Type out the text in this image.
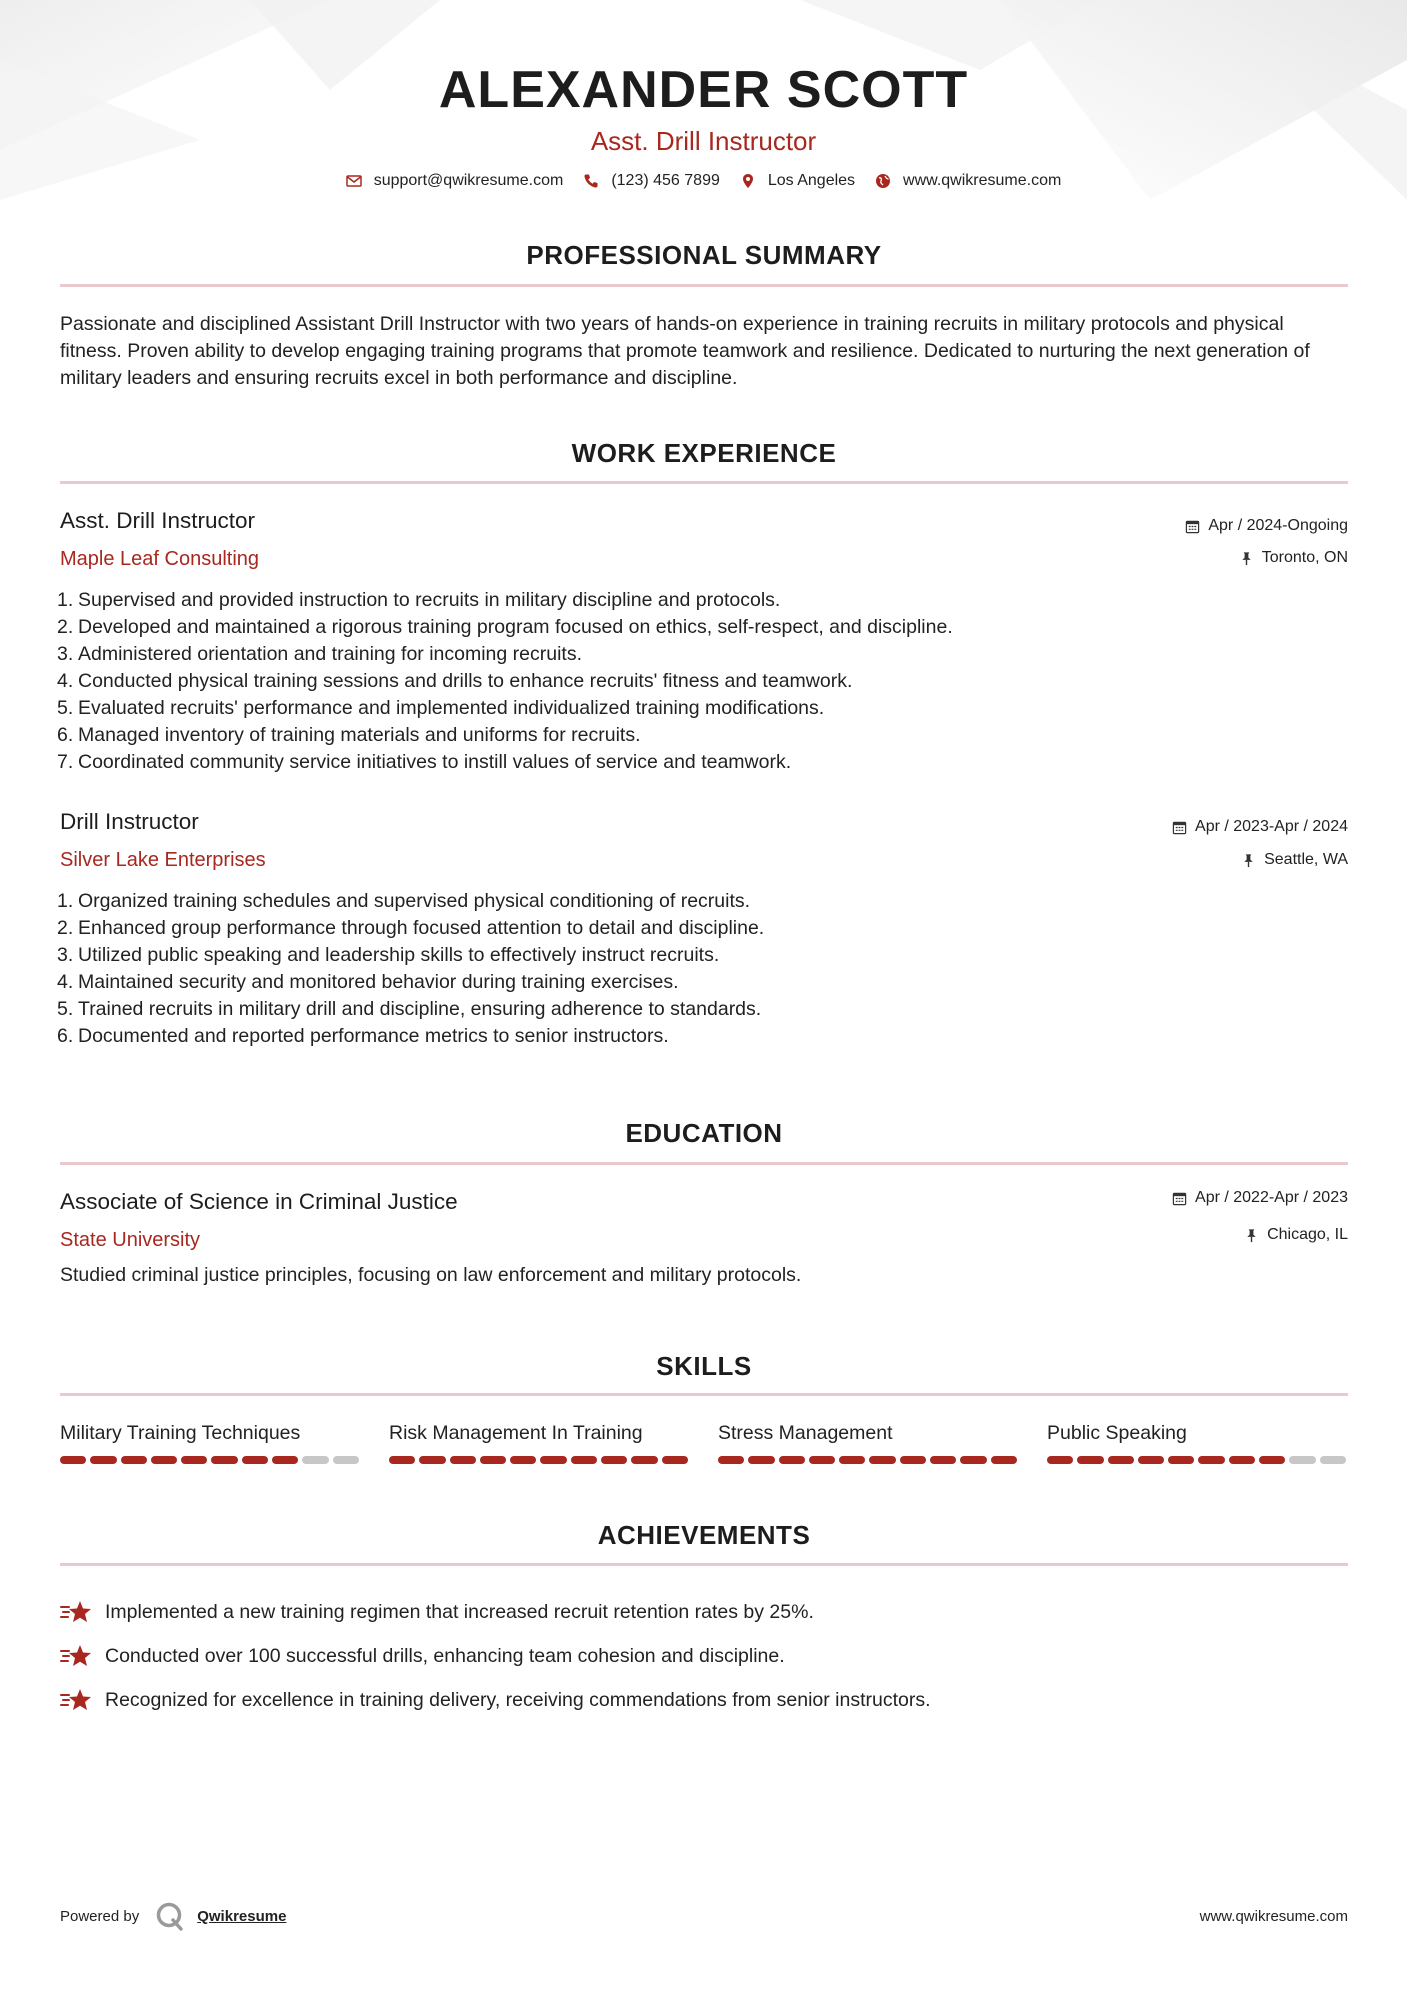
ALEXANDER SCOTT
Asst. Drill Instructor
support@qwikresume.com	(123) 456 7899	Los Angeles	www.qwikresume.com
PROFESSIONAL SUMMARY
Passionate and disciplined Assistant Drill Instructor with two years of hands-on experience in training recruits in military protocols and physical fitness. Proven ability to develop engaging training programs that promote teamwork and resilience. Dedicated to nurturing the next generation of military leaders and ensuring recruits excel in both performance and discipline.
WORK EXPERIENCE
Asst. Drill Instructor
Maple Leaf Consulting
Apr / 2024-Ongoing
Toronto, ON
1. Supervised and provided instruction to recruits in military discipline and protocols.
2. Developed and maintained a rigorous training program focused on ethics, self-respect, and discipline.
3. Administered orientation and training for incoming recruits.
4. Conducted physical training sessions and drills to enhance recruits' fitness and teamwork.
5. Evaluated recruits' performance and implemented individualized training modifications.
6. Managed inventory of training materials and uniforms for recruits.
7. Coordinated community service initiatives to instill values of service and teamwork.
Drill Instructor
Silver Lake Enterprises
Apr / 2023-Apr / 2024
Seattle, WA
1. Organized training schedules and supervised physical conditioning of recruits.
2. Enhanced group performance through focused attention to detail and discipline.
3. Utilized public speaking and leadership skills to effectively instruct recruits.
4. Maintained security and monitored behavior during training exercises.
5. Trained recruits in military drill and discipline, ensuring adherence to standards.
6. Documented and reported performance metrics to senior instructors.
EDUCATION
Associate of Science in Criminal Justice
State University
Apr / 2022-Apr / 2023
Chicago, IL
Studied criminal justice principles, focusing on law enforcement and military protocols.
SKILLS
Military Training Techniques	Risk Management In Training	Stress Management	Public Speaking
ACHIEVEMENTS
Implemented a new training regimen that increased recruit retention rates by 25%.
Conducted over 100 successful drills, enhancing team cohesion and discipline.
Recognized for excellence in training delivery, receiving commendations from senior instructors.
Powered by	Qwikresume	www.qwikresume.com
